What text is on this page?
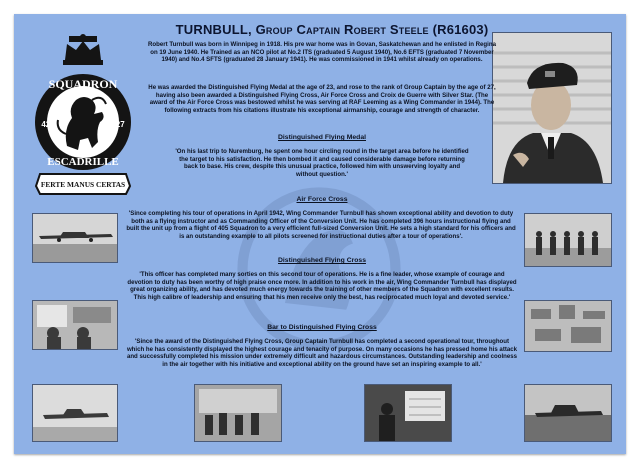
TURNBULL, Group Captain Robert Steele (R61603)
SQUADRON
ESCADRILLE
427	427
FERTE MANUS CERTAS
Robert Turnbull was born in Winnipeg in 1918. His pre war home was in Govan, Saskatchewan and he enlisted in Regina on 19 June 1940. He Trained as an NCO pilot at No.2 ITS (graduated 5 August 1940), No.6 EFTS (graduated 7 November 1940) and No.4 SFTS (graduated 28 January 1941). He was commissioned in 1941 whilst already on operations.
He was awarded the Distinguished Flying Medal at the age of 23, and rose to the rank of Group Captain by the age of 27, having also been awarded a Distinguished Flying Cross, Air Force Cross and Croix de Guerre with Silver Star. (The award of the Air Force Cross was bestowed whilst he was serving at RAF Leeming as a Wing Commander in 1944). The following extracts from his citations illustrate his exceptional airmanship, courage and strength of character.
Distinguished Flying Medal
'On his last trip to Nuremburg, he spent one hour circling round in the target area before he identified the target to his satisfaction. He then bombed it and caused considerable damage before returning back to base. His crew, despite this unusual practice, followed him with unswerving loyalty and without question.'
Air Force Cross
'Since completing his tour of operations in April 1942, Wing Commander Turnbull has shown exceptional ability and devotion to duty both as a flying instructor and as Commanding Officer of the Conversion Unit. He has completed 396 hours instructional flying and built the unit up from a flight of 405 Squadron to a very efficient full-sized Conversion Unit. He sets a high standard for his officers and is an outstanding example to all pilots screened for instructional duties after a tour of operations'.
Distinguished Flying Cross
'This officer has completed many sorties on this second tour of operations. He is a fine leader, whose example of courage and devotion to duty has been worthy of high praise once more. In addition to his work in the air, Wing Commander Turnbull has displayed great organizing ability, and has devoted much energy towards the training of other members of the Squadron with excellent results. This high calibre of leadership and ensuring that his men receive only the best, has reciprocated much loyal and devoted service.'
Bar to Distinguished Flying Cross
'Since the award of the Distinguished Flying Cross, Group Captain Turnbull has completed a second operational tour, throughout which he has consistently displayed the highest courage and tenacity of purpose. On many occasions he has pressed home his attack and successfully completed his mission under extremely difficult and hazardous circumstances. Outstanding leadership and coolness in the air together with his initiative and exceptional ability on the ground have set an inspiring example to all.'
